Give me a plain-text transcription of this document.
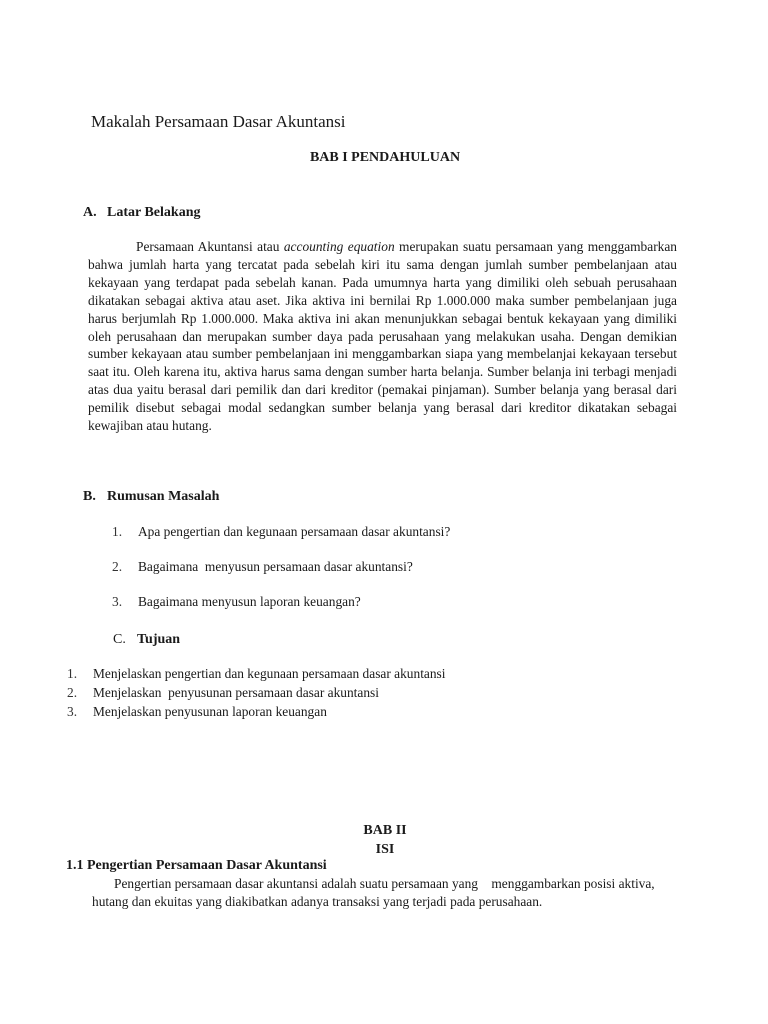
Makalah Persamaan Dasar Akuntansi
BAB I PENDAHULUAN
A. Latar Belakang
Persamaan Akuntansi atau accounting equation merupakan suatu persamaan yang menggambarkan bahwa jumlah harta yang tercatat pada sebelah kiri itu sama dengan jumlah sumber pembelanjaan atau kekayaan yang terdapat pada sebelah kanan. Pada umumnya harta yang dimiliki oleh sebuah perusahaan dikatakan sebagai aktiva atau aset. Jika aktiva ini bernilai Rp 1.000.000 maka sumber pembelanjaan juga harus berjumlah Rp 1.000.000. Maka aktiva ini akan menunjukkan sebagai bentuk kekayaan yang dimiliki oleh perusahaan dan merupakan sumber daya pada perusahaan yang melakukan usaha. Dengan demikian sumber kekayaan atau sumber pembelanjaan ini menggambarkan siapa yang membelanjai kekayaan tersebut saat itu. Oleh karena itu, aktiva harus sama dengan sumber harta belanja. Sumber belanja ini terbagi menjadi atas dua yaitu berasal dari pemilik dan dari kreditor (pemakai pinjaman). Sumber belanja yang berasal dari pemilik disebut sebagai modal sedangkan sumber belanja yang berasal dari kreditor dikatakan sebagai kewajiban atau hutang.
B. Rumusan Masalah
1. Apa pengertian dan kegunaan persamaan dasar akuntansi?
2. Bagaimana  menyusun persamaan dasar akuntansi?
3. Bagaimana menyusun laporan keuangan?
C. Tujuan
1. Menjelaskan pengertian dan kegunaan persamaan dasar akuntansi
2. Menjelaskan  penyusunan persamaan dasar akuntansi
3. Menjelaskan penyusunan laporan keuangan
BAB II
ISI
1.1 Pengertian Persamaan Dasar Akuntansi
Pengertian persamaan dasar akuntansi adalah suatu persamaan yang    menggambarkan posisi aktiva, hutang dan ekuitas yang diakibatkan adanya transaksi yang terjadi pada perusahaan.
